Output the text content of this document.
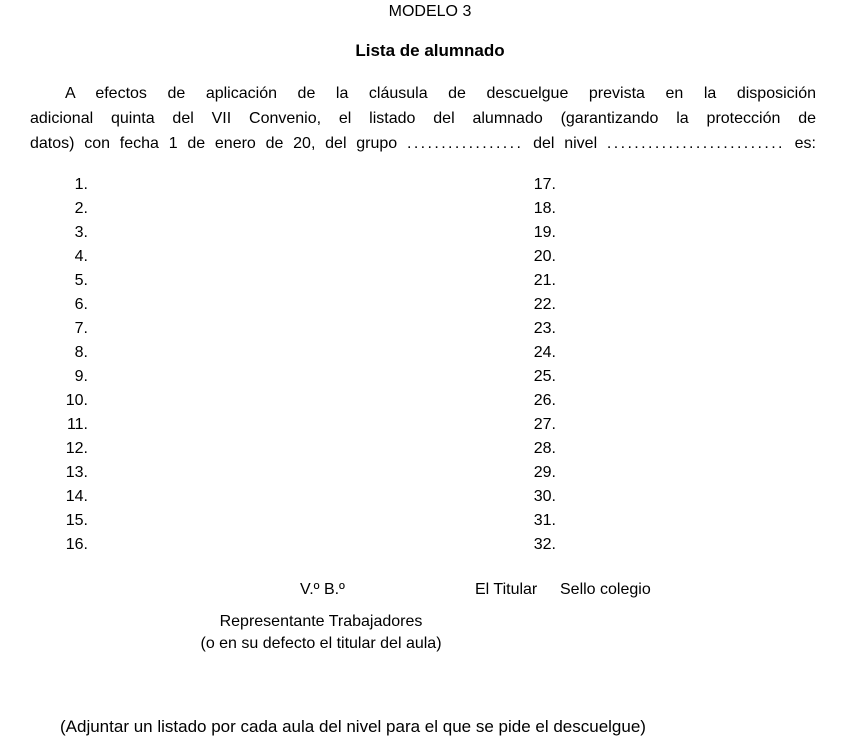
MODELO 3
Lista de alumnado
A efectos de aplicación de la cláusula de descuelgue prevista en la disposición
adicional quinta del VII Convenio, el listado del alumnado (garantizando la protección de
datos) con fecha 1 de enero de 20, del grupo ................. del nivel .......................... es:
1.
2.
3.
4.
5.
6.
7.
8.
9.
10.
11.
12.
13.
14.
15.
16.
17.
18.
19.
20.
21.
22.
23.
24.
25.
26.
27.
28.
29.
30.
31.
32.
V.º B.º	El Titular Sello colegio
Representante Trabajadores
(o en su defecto el titular del aula)
(Adjuntar un listado por cada aula del nivel para el que se pide el descuelgue)
